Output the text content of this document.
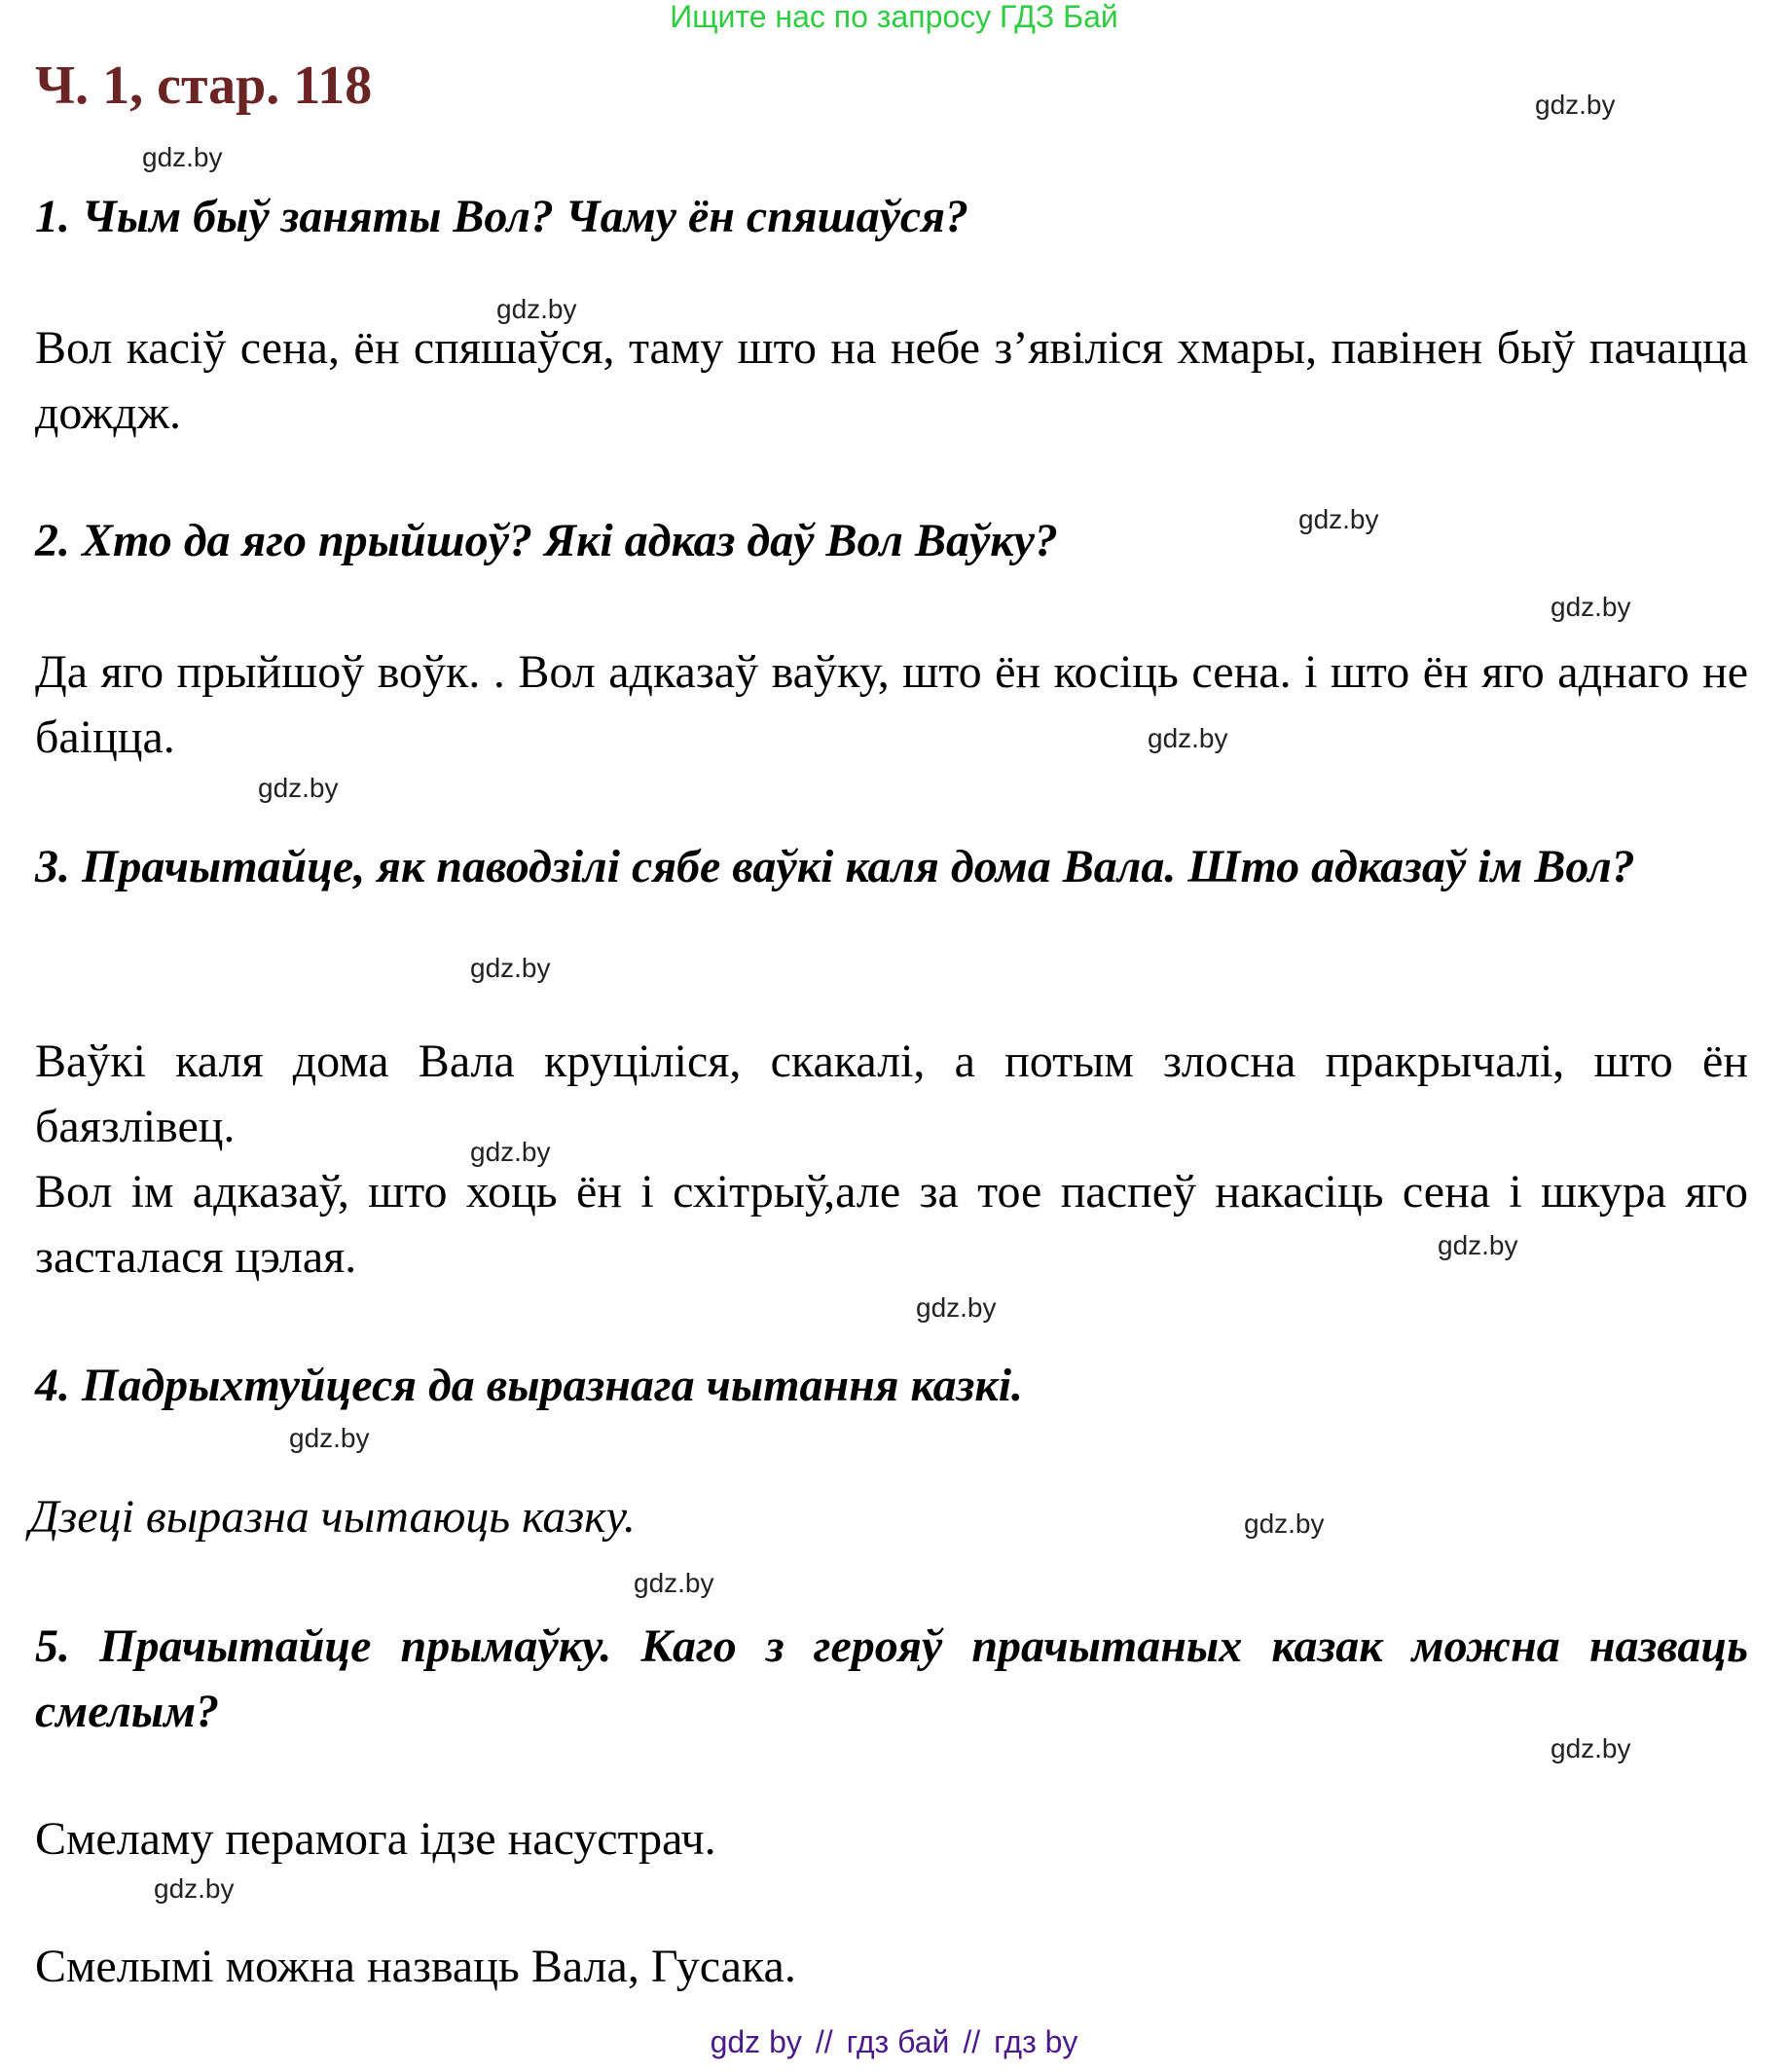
Ищите нас по запросу ГДЗ Бай
Ч. 1, стар. 118
1. Чым быў заняты Вол? Чаму ён спяшаўся?

Вол касіў сена, ён спяшаўся, таму што на небе з’явіліся хмары, павінен быў пачацца дождж.

2. Хто да яго прыйшоў? Які адказ даў Вол Ваўку?

Да яго прыйшоў воўк. . Вол адказаў ваўку, што ён косіць сена. і што ён яго аднаго не баіцца.

3. Прачытайце, як паводзілі сябе ваўкі каля дома Вала. Што адказаў ім Вол?

Ваўкі каля дома Вала круціліся, скакалі, а потым злосна пракрычалі, што ён баязлівец.

Вол ім адказаў, што хоць ён і схітрыў,але за тое паспеў накасіць сена і шкура яго засталася цэлая.

4. Падрыхтуйцеся да выразнага чытання казкі.

Дзеці выразна чытаюць казку.

5. Прачытайце прымаўку. Каго з герояў прачытаных казак можна назваць смелым?

Смеламу перамога ідзе насустрач.

Смелымі можна назваць Вала, Гусака.

gdz.by
gdz.by
gdz.by
gdz.by
gdz.by
gdz.by
gdz.by
gdz.by
gdz.by
gdz.by
gdz.by
gdz.by
gdz.by
gdz.by
gdz.by
gdz.by
gdz by // гдз бай // гдз by
